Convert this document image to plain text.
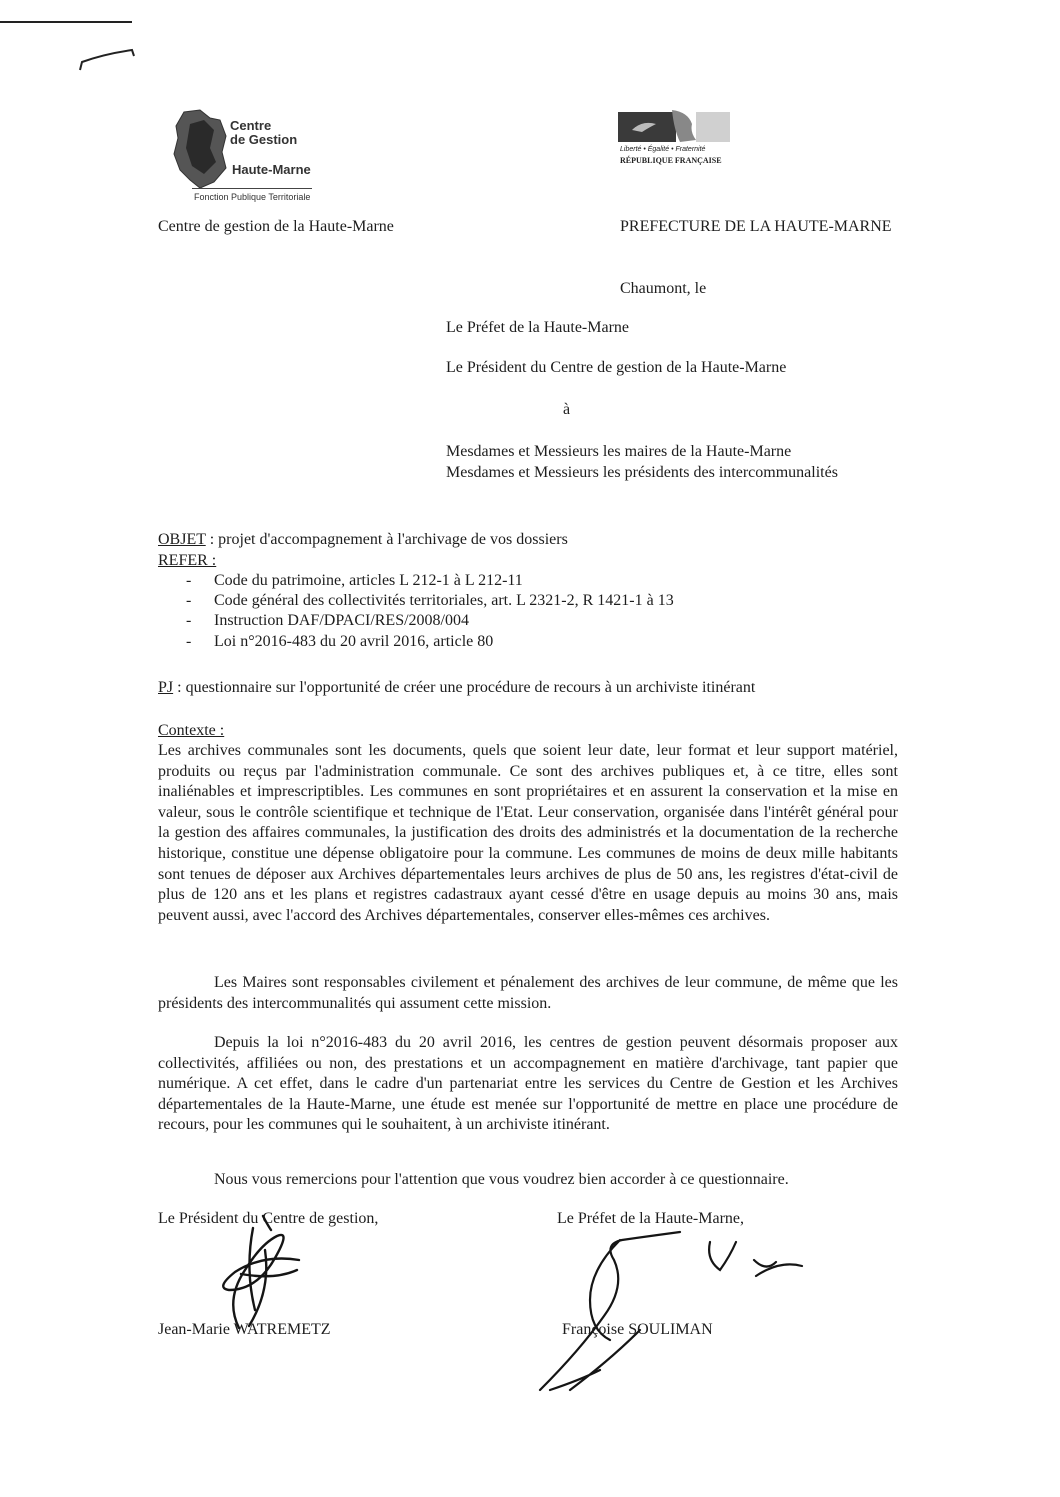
Centre
de Gestion
Haute-Marne
Fonction Publique Territoriale
Liberté • Égalité • Fraternité
RÉPUBLIQUE FRANÇAISE
Centre de gestion de la Haute-Marne	PREFECTURE DE LA HAUTE-MARNE
Chaumont, le
Le Préfet de la Haute-Marne
Le Président du Centre de gestion de la Haute-Marne
à
Mesdames et Messieurs les maires de la Haute-Marne
Mesdames et Messieurs les présidents des intercommunalités
OBJET : projet d'accompagnement à l'archivage de vos dossiers
REFER :
- Code du patrimoine, articles L 212-1 à L 212-11
- Code général des collectivités territoriales, art. L 2321-2, R 1421-1 à 13
- Instruction DAF/DPACI/RES/2008/004
- Loi n°2016-483 du 20 avril 2016, article 80
PJ : questionnaire sur l'opportunité de créer une procédure de recours à un archiviste itinérant
Contexte :
Les archives communales sont les documents, quels que soient leur date, leur format et leur support matériel, produits ou reçus par l'administration communale. Ce sont des archives publiques et, à ce titre, elles sont inaliénables et imprescriptibles. Les communes en sont propriétaires et en assurent la conservation et la mise en valeur, sous le contrôle scientifique et technique de l'Etat. Leur conservation, organisée dans l'intérêt général pour la gestion des affaires communales, la justification des droits des administrés et la documentation de la recherche historique, constitue une dépense obligatoire pour la commune. Les communes de moins de deux mille habitants sont tenues de déposer aux Archives départementales leurs archives de plus de 50 ans, les registres d'état-civil de plus de 120 ans et les plans et registres cadastraux ayant cessé d'être en usage depuis au moins 30 ans, mais peuvent aussi, avec l'accord des Archives départementales, conserver elles-mêmes ces archives.
Les Maires sont responsables civilement et pénalement des archives de leur commune, de même que les présidents des intercommunalités qui assument cette mission.
Depuis la loi n°2016-483 du 20 avril 2016, les centres de gestion peuvent désormais proposer aux collectivités, affiliées ou non, des prestations et un accompagnement en matière d'archivage, tant papier que numérique. A cet effet, dans le cadre d'un partenariat entre les services du Centre de Gestion et les Archives départementales de la Haute-Marne, une étude est menée sur l'opportunité de mettre en place une procédure de recours, pour les communes qui le souhaitent, à un archiviste itinérant.
Nous vous remercions pour l'attention que vous voudrez bien accorder à ce questionnaire.
Le Président du Centre de gestion,	Le Préfet de la Haute-Marne,
Jean-Marie WATREMETZ	Françoise SOULIMAN
